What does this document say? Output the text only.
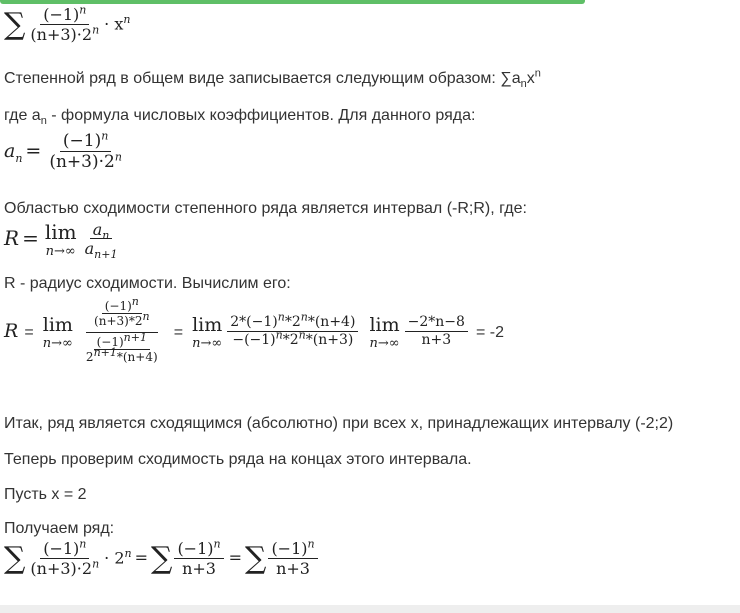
∑ $\frac{(-1)^n}{(n+3)\cdot 2^n} \cdot x^n$
Степенной ряд в общем виде записывается следующим образом: $\sum a_nx^n$
где $a_n$ - формула числовых коэффициентов. Для данного ряда:
$a_n = \frac{(-1)^n}{(n+3)\cdot 2^n}$
Областью сходимости степенного ряда является интервал (-R;R), где:
R = lim
$n\to\infty \frac{a_n}{a_{n+1}}$
R - радиус сходимости. Вычислим его:
R = lim
$n\to\infty \frac{\frac{(-1)^n}{(n+3)*2^n}}{\frac{(-1)^{n+1}}{2^{n+1}*(n+4)}} = \lim$
$n\to\infty \frac{2*(-1)^n*2^n*(n+4)}{-(-1)^n*2^n*(n+3)}$
lim
$n\to\infty \frac{-2*n-8}{n+3} = -2$
Итак, ряд является сходящимся (абсолютно) при всех x, принадлежащих интервалу (-2;2)
Теперь проверим сходимость ряда на концах этого интервала.
Пусть x = 2
Получаем ряд:
∑ $\frac{(-1)^n}{(n+3)\cdot 2^n} \cdot 2^n$ = ∑ $\frac{(-1)^n}{n+3}$ = ∑ $\frac{(-1)^n}{n+3}$
